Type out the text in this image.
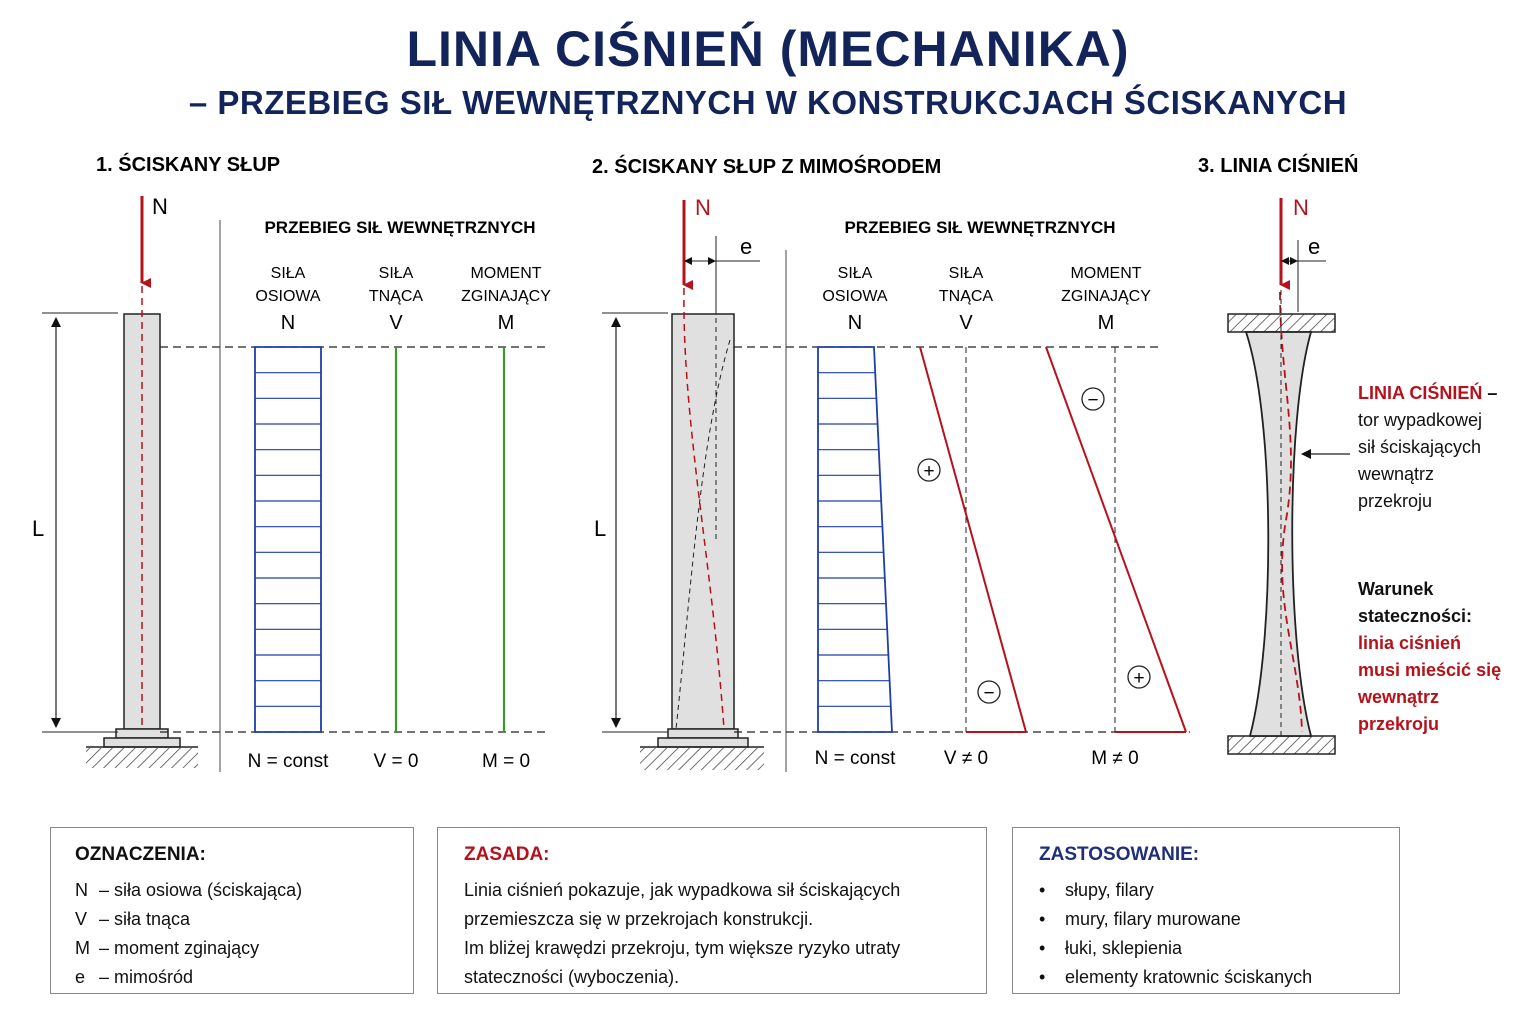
LINIA CIŚNIEŃ (MECHANIKA)
– PRZEBIEG SIŁ WEWNĘTRZNYCH W KONSTRUKCJACH ŚCISKANYCH
1. ŚCISKANY SŁUP
N
L
PRZEBIEG SIŁ WEWNĘTRZNYCH
SIŁA
OSIOWA
N
SIŁA
TNĄCA
V
MOMENT
ZGINAJĄCY
M
N = const V = 0	M = 0
2. ŚCISKANY SŁUP Z MIMOŚRODEM
N
e
L
PRZEBIEG SIŁ WEWNĘTRZNYCH
SIŁA
OSIOWA
N
SIŁA
TNĄCA
V
MOMENT
ZGINAJĄCY
M
+
−
−
+
N = const	V ≠ 0	M ≠ 0
3. LINIA CIŚNIEŃ
N
e
LINIA CIŚNIEŃ –
tor wypadkowej
sił ściskających
wewnątrz
przekroju
Warunek
stateczności:
linia ciśnień
musi mieścić się
wewnątrz
przekroju
OZNACZENIA:
N – siła osiowa (ściskająca)
V – siła tnąca
M – moment zginający
e – mimośród
ZASADA:
Linia ciśnień pokazuje, jak wypadkowa sił ściskających
przemieszcza się w przekrojach konstrukcji.
Im bliżej krawędzi przekroju, tym większe ryzyko utraty
stateczności (wyboczenia).
ZASTOSOWANIE:
• słupy, filary
• mury, filary murowane
• łuki, sklepienia
• elementy kratownic ściskanych
